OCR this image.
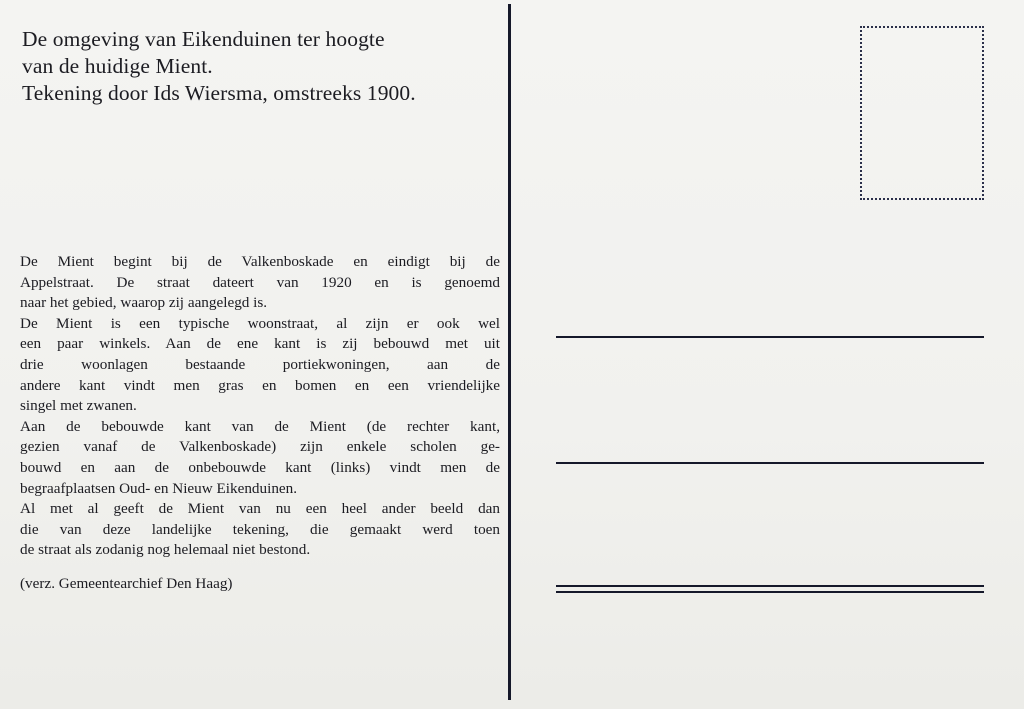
De omgeving van Eikenduinen ter hoogte
van de huidige Mient.
Tekening door Ids Wiersma, omstreeks 1900.
De Mient begint bij de Valkenboskade en eindigt bij de
Appelstraat. De straat dateert van 1920 en is genoemd
naar het gebied, waarop zij aangelegd is.
De Mient is een typische woonstraat, al zijn er ook wel
een paar winkels. Aan de ene kant is zij bebouwd met uit
drie woonlagen bestaande portiekwoningen, aan de
andere kant vindt men gras en bomen en een vriendelijke
singel met zwanen.
Aan de bebouwde kant van de Mient (de rechter kant,
gezien vanaf de Valkenboskade) zijn enkele scholen ge-
bouwd en aan de onbebouwde kant (links) vindt men de
begraafplaatsen Oud- en Nieuw Eikenduinen.
Al met al geeft de Mient van nu een heel ander beeld dan
die van deze landelijke tekening, die gemaakt werd toen
de straat als zodanig nog helemaal niet bestond.
(verz. Gemeentearchief Den Haag)
